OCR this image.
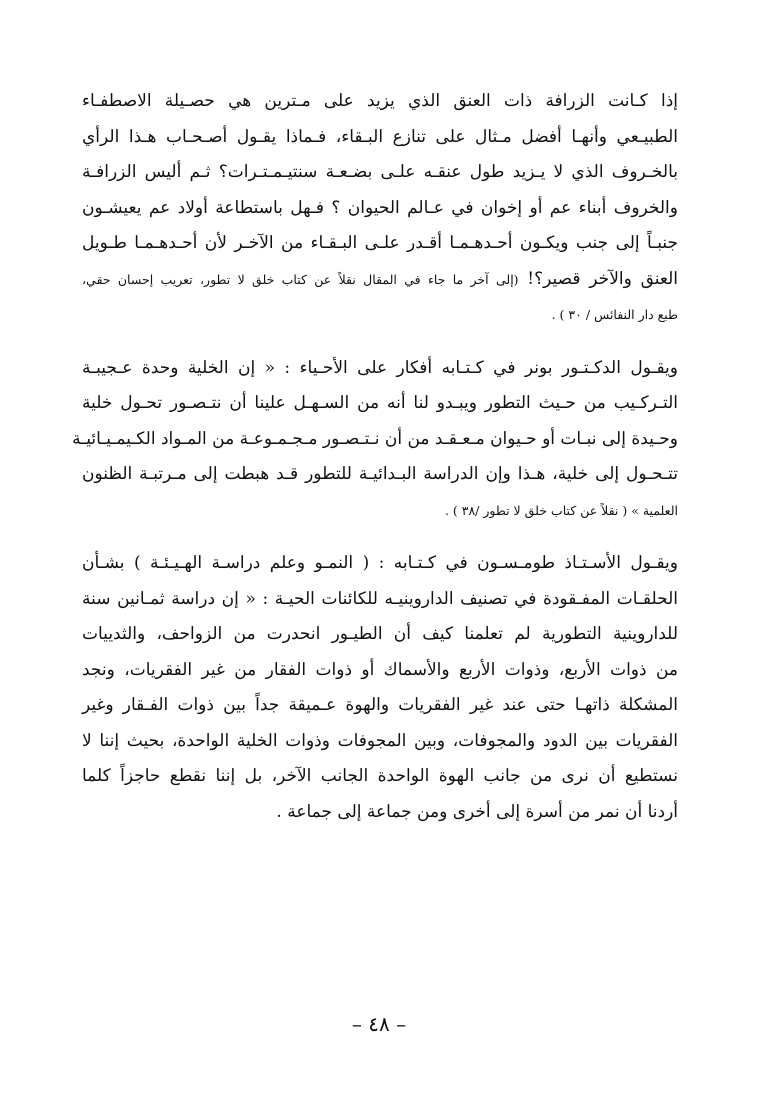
إذا كـانت الزرافة ذات العنق الذي يزيد على مـترين هي حصـيلة الاصطفـاء
الطبيـعي وأنهـا أفضل مـثال على تنازع البـقاء، فـماذا يقـول أصـحـاب هـذا الرأي
بالخـروف الذي لا يـزيد طول عنقـه علـى بضـعـة سنتيـمـتـرات؟ ثـم أليس الزرافـة
والخروف أبناء عم أو إخوان في عـالم الحيوان ؟ فـهل باستطاعة أولاد عم يعيشـون
جنبـاً إلى جنب ويكـون أحـدهـمـا أقـدر علـى البـقـاء من الآخـر لأن أحـدهـمـا طـويل
العنق والآخر قصير؟! (إلى آخر ما جاء في المقال نقلاً عن كتاب خلق لا تطور، تعريب إحسان حقي،
طبع دار النفائس / ٣٠ ) .
ويقـول الدكـتـور بونر في كـتـابه أفكار على الأحـياء : « إن الخلية وحدة عـجيبـة
التـركـيب من حـيث التطور ويبـدو لنا أنه من السـهـل علينا أن نتـصـور تحـول خلية
وحـيدة إلى نبـات أو حـيوان مـعـقـد من أن نـتـصـور مـجـمـوعـة من المـواد الكـيمـيـائيـة
تتـحـول إلى خلية، هـذا وإن الدراسة البـدائيـة للتطور قـد هبطت إلى مـرتبـة الظنون
العلمية » ( نقلاً عن كتاب خلق لا تطور /٣٨ ) .
ويقـول الأسـتـاذ طومـسـون في كـتـابه : ( النمـو وعلم دراسـة الهـيـئـة ) بشـأن
الحلقـات المفـقودة في تصنيف الداروينيـه للكائنات الحيـة : « إن دراسة ثمـانين سنة
للداروينية التطورية لم تعلمنا كيف أن الطيـور انحدرت من الزواحف، والثدييات
من ذوات الأربع، وذوات الأربع والأسماك أو ذوات الفقار من غير الفقريات، ونجد
المشكلة ذاتهـا حتى عند غير الفقريات والهوة عـميقة جداً بين ذوات الفـقار وغير
الفقريات بين الدود والمجوفات، وبين المجوفات وذوات الخلية الواحدة، بحيث إننا لا
نستطيع أن نرى من جانب الهوة الواحدة الجانب الآخر، بل إننا نقطع حاجزاً كلما
أردنا أن نمر من أسرة إلى أخرى ومن جماعة إلى جماعة .
– ٤٨ –
